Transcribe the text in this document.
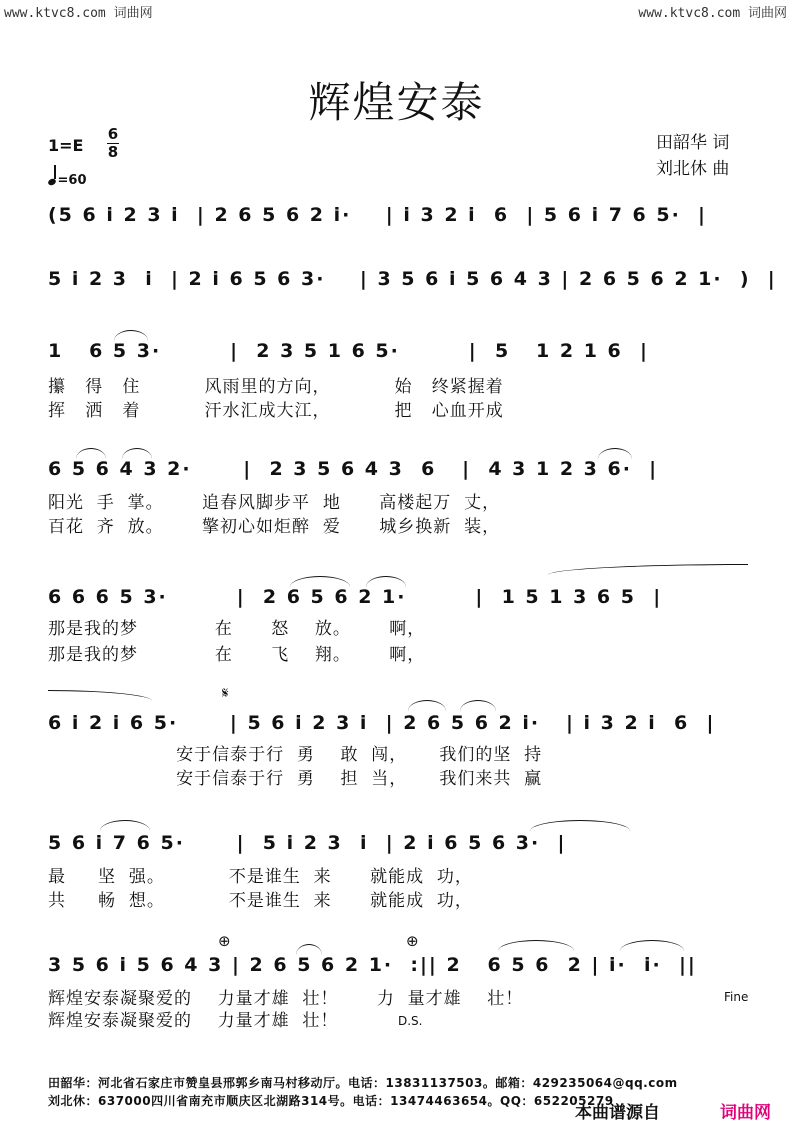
www.ktvc8.com 词曲网	www.ktvc8.com 词曲网
辉煌安泰
田韶华 词
刘北休 曲
1=E
6
8
=60
(5 6 i 2 3 i  | 2 6 5 6 2 i·    | i 3 2 i  6  | 5 6 i 7 6 5·  |
5 i 2 3  i  | 2 i 6 5 6 3·    | 3 5 6 i 5 6 4 3 | 2 6 5 6 2 1·  )  |
1   6 5 3·        |  2 3 5 1 6 5·        |  5   1 2 1 6  |
攥   得   住          风雨里的方向，          始   终紧握着
挥   洒   着          汗水汇成大江，          把   心血开成
6 5 6 4 3 2·      |  2 3 5 6 4 3  6   |  4 3 1 2 3 6·  |
阳光  手  掌。      追春风脚步平  地      高楼起万  丈，
百花  齐  放。      擎初心如炬醉  爱      城乡换新  装，
6 6 6 5 3·        |  2 6 5 6 2 1·        |  1 5 1 3 6 5  |
那是我的梦            在      怒    放。      啊，
那是我的梦            在      飞    翔。      啊，
𝄋
6 i 2 i 6 5·      | 5 6 i 2 3 i  | 2 6 5 6 2 i·   | i 3 2 i  6  |
安于信泰于行  勇    敢  闯，     我们的坚  持
安于信泰于行  勇    担  当，     我们来共  赢
5 6 i 7 6 5·      |  5 i 2 3  i  | 2 i 6 5 6 3·  |
最     坚  强。          不是谁生  来      就能成  功，
共     畅  想。          不是谁生  来      就能成  功，
⊕	⊕
3 5 6 i 5 6 4 3 | 2 6 5 6 2 1·  :|| 2   6 5 6  2 | i·  i·  ||
辉煌安泰凝聚爱的    力量才雄  壮！      力  量才雄    壮！
辉煌安泰凝聚爱的    力量才雄  壮！
Fine
D.S.
田韶华：河北省石家庄市赞皇县邢郭乡南马村移动厅。电话：13831137503。邮箱：429235064@qq.com
刘北休：637000四川省南充市顺庆区北湖路314号。电话：13474463654。QQ：652205279
本曲谱源自	词曲网
